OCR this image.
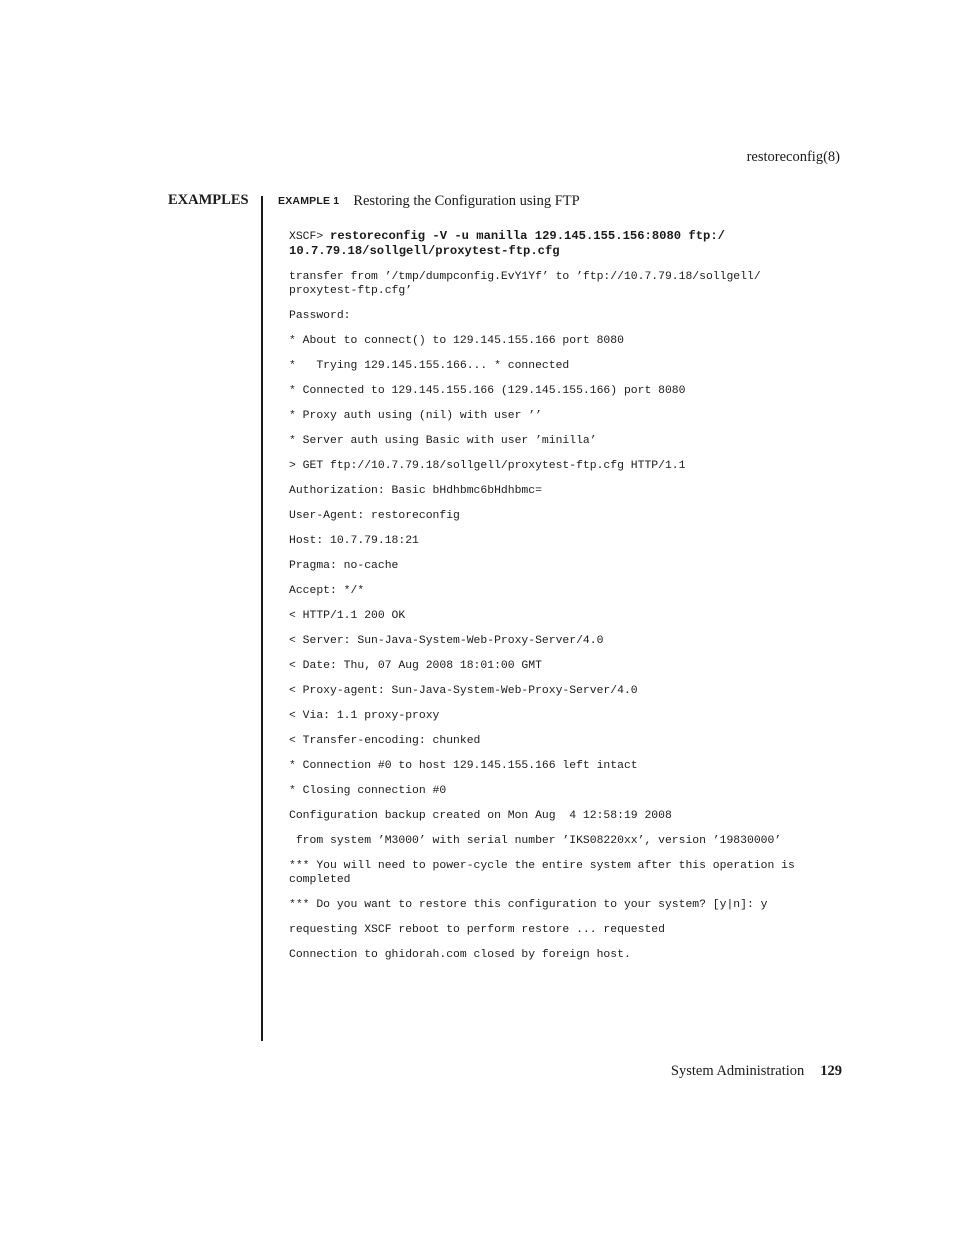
restoreconfig(8)
EXAMPLES	EXAMPLE 1 Restoring the Configuration using FTP
XSCF> restoreconfig -V -u manilla 129.145.155.156:8080 ftp:/
10.7.79.18/sollgell/proxytest-ftp.cfg
transfer from ’/tmp/dumpconfig.EvY1Yf’ to ’ftp://10.7.79.18/sollgell/
proxytest-ftp.cfg’
Password:
* About to connect() to 129.145.155.166 port 8080
*   Trying 129.145.155.166... * connected
* Connected to 129.145.155.166 (129.145.155.166) port 8080
* Proxy auth using (nil) with user ’’
* Server auth using Basic with user ’minilla’
> GET ftp://10.7.79.18/sollgell/proxytest-ftp.cfg HTTP/1.1
Authorization: Basic bHdhbmc6bHdhbmc=
User-Agent: restoreconfig
Host: 10.7.79.18:21
Pragma: no-cache
Accept: */*
< HTTP/1.1 200 OK
< Server: Sun-Java-System-Web-Proxy-Server/4.0
< Date: Thu, 07 Aug 2008 18:01:00 GMT
< Proxy-agent: Sun-Java-System-Web-Proxy-Server/4.0
< Via: 1.1 proxy-proxy
< Transfer-encoding: chunked
* Connection #0 to host 129.145.155.166 left intact
* Closing connection #0
Configuration backup created on Mon Aug  4 12:58:19 2008
from system ’M3000’ with serial number ’IKS08220xx’, version ’19830000’
*** You will need to power-cycle the entire system after this operation is
completed
*** Do you want to restore this configuration to your system? [y|n]: y
requesting XSCF reboot to perform restore ... requested
Connection to ghidorah.com closed by foreign host.
System Administration 129
